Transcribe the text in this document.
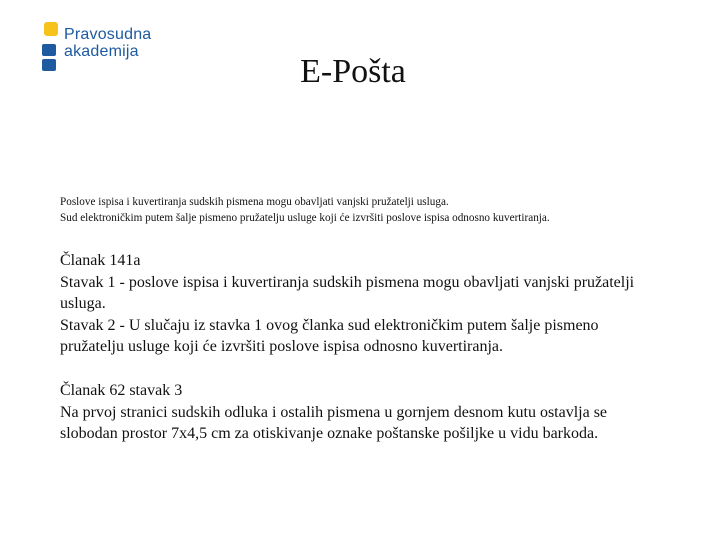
Pravosudna
akademija
E-Pošta

Poslove ispisa i kuvertiranja sudskih pismena mogu obavljati vanjski pružatelji usluga.

Sud elektroničkim putem šalje pismeno pružatelju usluge koji će izvršiti poslove ispisa odnosno kuvertiranja.

Članak 141a

Stavak 1 - poslove ispisa i kuvertiranja sudskih pismena mogu obavljati vanjski pružatelji usluga.

Stavak 2 - U slučaju iz stavka 1 ovog članka sud elektroničkim putem šalje pismeno pružatelju usluge koji će izvršiti poslove ispisa odnosno kuvertiranja.

Članak 62 stavak 3

Na prvoj stranici sudskih odluka i ostalih pismena u gornjem desnom kutu ostavlja se slobodan prostor 7x4,5 cm za otiskivanje oznake poštanske pošiljke u vidu barkoda.
